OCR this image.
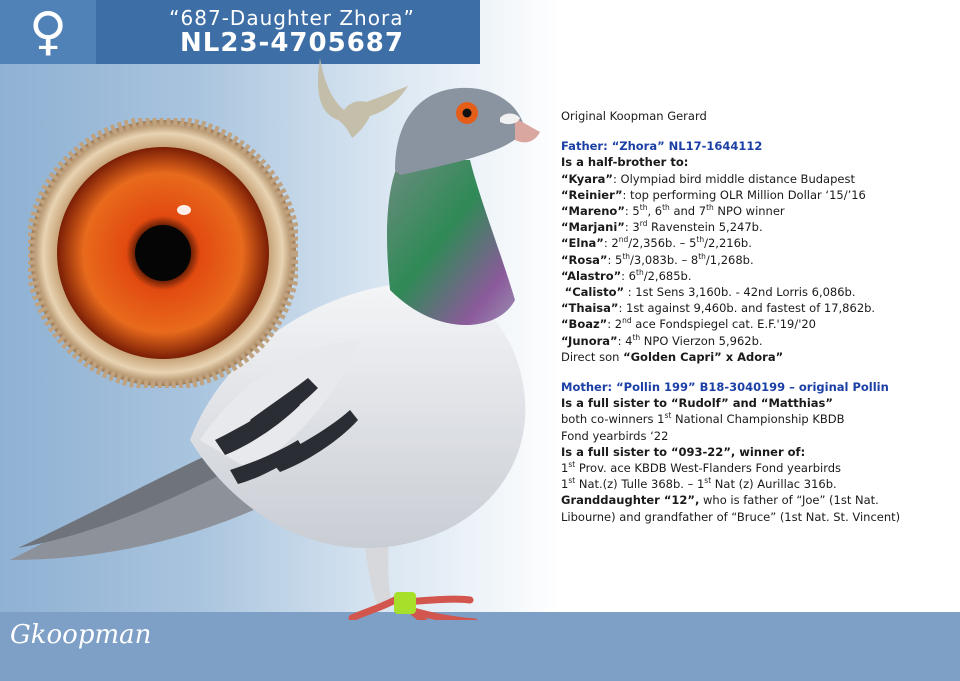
♀	“687-Daughter Zhora”
NL23-4705687
Gkoopman
Original Koopman Gerard
Father: “Zhora” NL17-1644112
Is a half-brother to:
“Kyara”: Olympiad bird middle distance Budapest
“Reinier”: top performing OLR Million Dollar ‘15/’16
“Mareno”: 5th, 6th and 7th NPO winner
“Marjani”: 3rd Ravenstein 5,247b.
“Elna”: 2nd/2,356b. – 5th/2,216b.
“Rosa”: 5th/3,083b. – 8th/1,268b.
“Alastro”: 6th/2,685b.
“Calisto” : 1st Sens 3,160b. - 42nd Lorris 6,086b.
“Thaisa”: 1st against 9,460b. and fastest of 17,862b.
“Boaz”: 2nd ace Fondspiegel cat. E.F.'19/'20
“Junora”: 4th NPO Vierzon 5,962b.
Direct son “Golden Capri” x Adora”
Mother: “Pollin 199” B18-3040199 – original Pollin
Is a full sister to “Rudolf” and “Matthias”
both co-winners 1st National Championship KBDB
Fond yearbirds ‘22
Is a full sister to “093-22”, winner of:
1st Prov. ace KBDB West-Flanders Fond yearbirds
1st Nat.(z) Tulle 368b. – 1st Nat (z) Aurillac 316b.
Granddaughter “12”, who is father of “Joe” (1st Nat.
Libourne) and grandfather of “Bruce” (1st Nat. St. Vincent)
